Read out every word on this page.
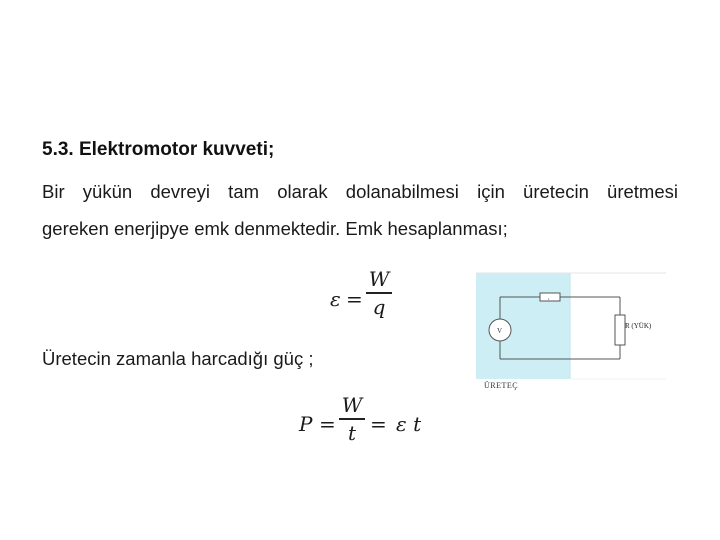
5.3. Elektromotor kuvveti;
Bir yükün devreyi tam olarak dolanabilmesi için üretecin üretmesi
gereken enerjipye emk denmektedir. Emk hesaplanması;
ε =
W
q
Üretecin zamanla harcadığı güç ;
P =
W
t = ε t
,
V
R (YÜK)
ÜRETEÇ
